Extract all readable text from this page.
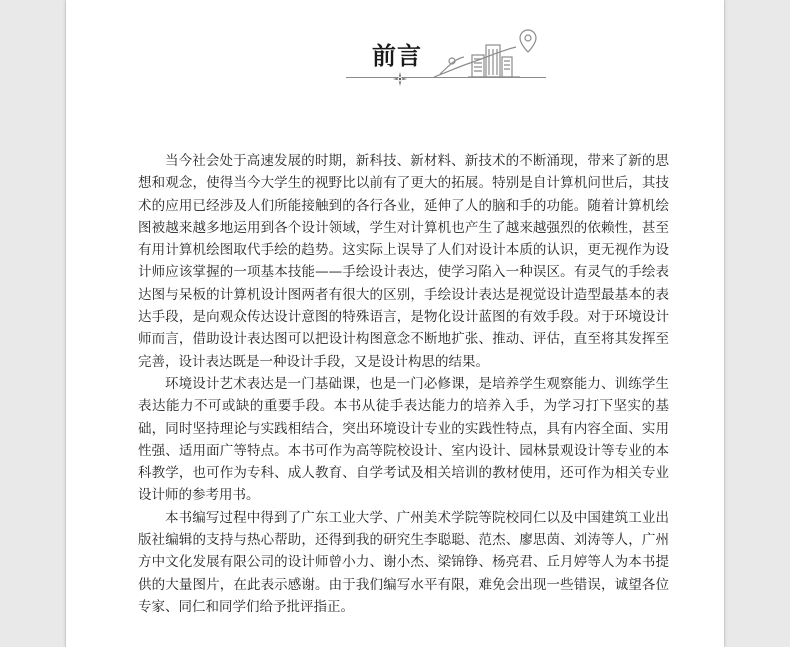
前言

当今社会处于高速发展的时期，新科技、新材料、新技术的不断涌现，带来了新的思想和观念，使得当今大学生的视野比以前有了更大的拓展。特别是自计算机问世后，其技术的应用已经涉及人们所能接触到的各行各业，延伸了人的脑和手的功能。随着计算机绘图被越来越多地运用到各个设计领域，学生对计算机也产生了越来越强烈的依赖性，甚至有用计算机绘图取代手绘的趋势。这实际上误导了人们对设计本质的认识，更无视作为设计师应该掌握的一项基本技能——手绘设计表达，使学习陷入一种误区。有灵气的手绘表达图与呆板的计算机设计图两者有很大的区别，手绘设计表达是视觉设计造型最基本的表达手段，是向观众传达设计意图的特殊语言，是物化设计蓝图的有效手段。对于环境设计师而言，借助设计表达图可以把设计构图意念不断地扩张、推动、评估，直至将其发挥至完善，设计表达既是一种设计手段，又是设计构思的结果。

环境设计艺术表达是一门基础课，也是一门必修课，是培养学生观察能力、训练学生表达能力不可或缺的重要手段。本书从徒手表达能力的培养入手，为学习打下坚实的基础，同时坚持理论与实践相结合，突出环境设计专业的实践性特点，具有内容全面、实用性强、适用面广等特点。本书可作为高等院校设计、室内设计、园林景观设计等专业的本科教学，也可作为专科、成人教育、自学考试及相关培训的教材使用，还可作为相关专业设计师的参考用书。

本书编写过程中得到了广东工业大学、广州美术学院等院校同仁以及中国建筑工业出版社编辑的支持与热心帮助，还得到我的研究生李聪聪、范杰、廖思茵、刘涛等人，广州方中文化发展有限公司的设计师曾小力、谢小杰、梁锦铮、杨亮君、丘月婷等人为本书提供的大量图片，在此表示感谢。由于我们编写水平有限，难免会出现一些错误，诚望各位专家、同仁和同学们给予批评指正。
